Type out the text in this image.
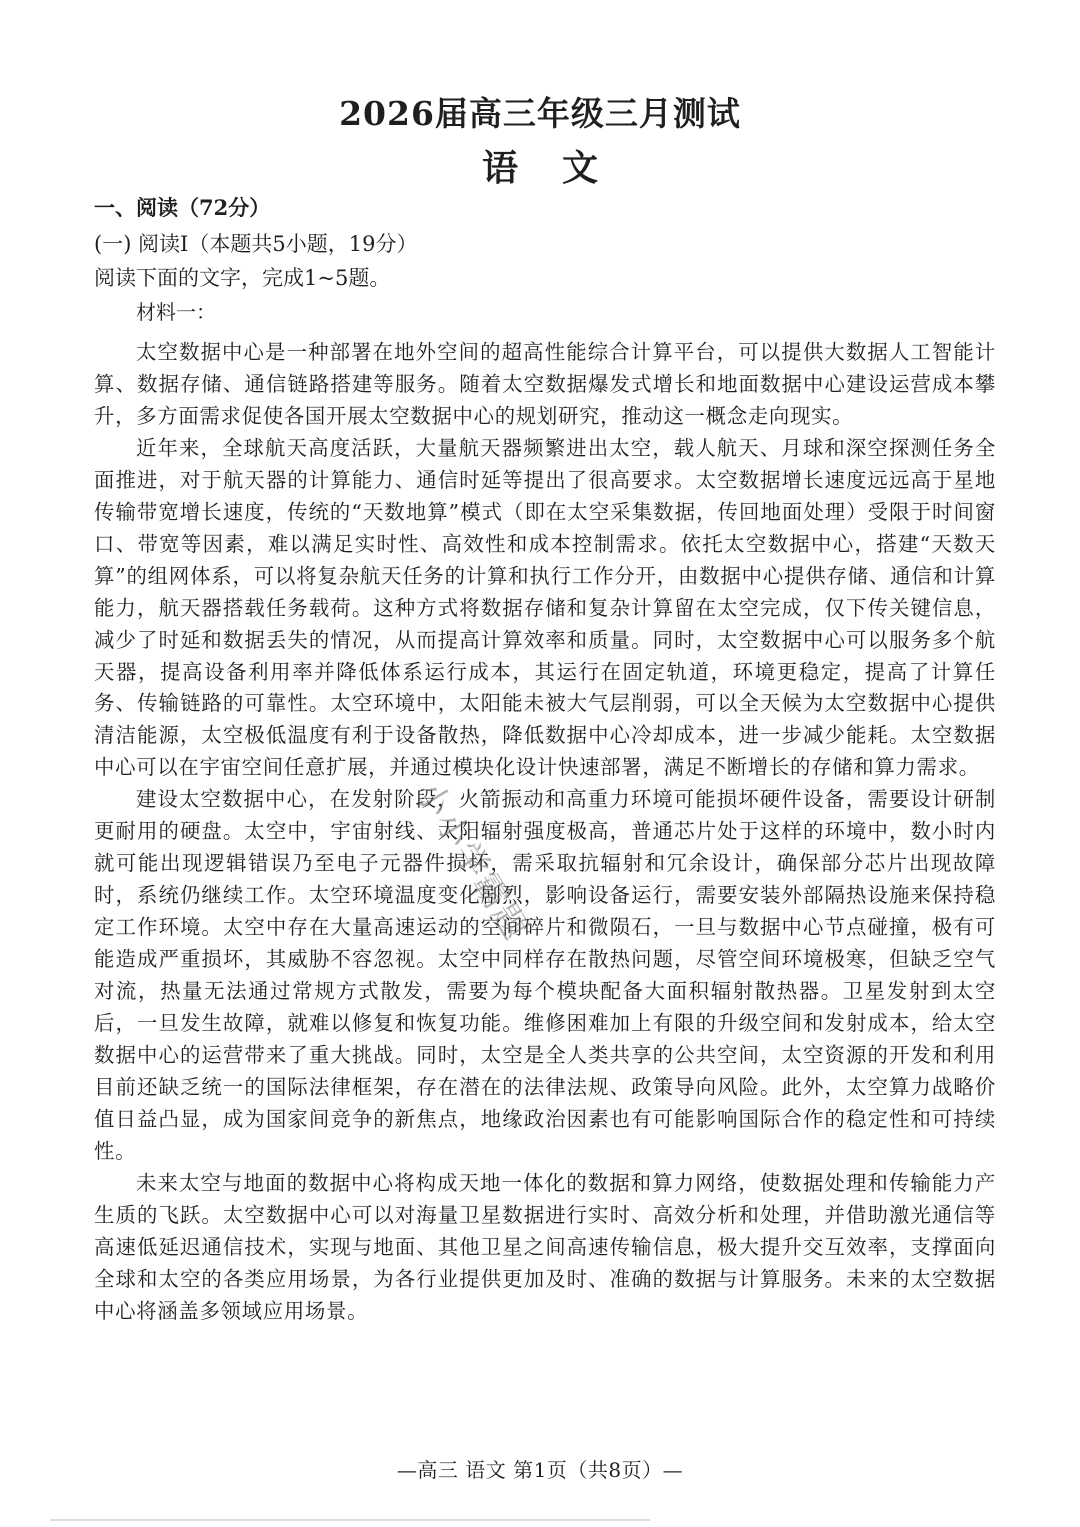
2026届高三年级三月测试
语文
一、阅读（72分）
(一) 阅读Ⅰ（本题共5小题，19分）
阅读下面的文字，完成1~5题。
材料一：

太空数据中心是一种部署在地外空间的超高性能综合计算平台，可以提供大数据人工智能计算、数据存储、通信链路搭建等服务。随着太空数据爆发式增长和地面数据中心建设运营成本攀升，多方面需求促使各国开展太空数据中心的规划研究，推动这一概念走向现实。

近年来，全球航天高度活跃，大量航天器频繁进出太空，载人航天、月球和深空探测任务全面推进，对于航天器的计算能力、通信时延等提出了很高要求。太空数据增长速度远远高于星地传输带宽增长速度，传统的“天数地算”模式（即在太空采集数据，传回地面处理）受限于时间窗口、带宽等因素，难以满足实时性、高效性和成本控制需求。依托太空数据中心，搭建“天数天算”的组网体系，可以将复杂航天任务的计算和执行工作分开，由数据中心提供存储、通信和计算能力，航天器搭载任务载荷。这种方式将数据存储和复杂计算留在太空完成，仅下传关键信息，减少了时延和数据丢失的情况，从而提高计算效率和质量。同时，太空数据中心可以服务多个航天器，提高设备利用率并降低体系运行成本，其运行在固定轨道，环境更稳定，提高了计算任务、传输链路的可靠性。太空环境中，太阳能未被大气层削弱，可以全天候为太空数据中心提供清洁能源，太空极低温度有利于设备散热，降低数据中心冷却成本，进一步减少能耗。太空数据中心可以在宇宙空间任意扩展，并通过模块化设计快速部署，满足不断增长的存储和算力需求。

建设太空数据中心，在发射阶段，火箭振动和高重力环境可能损坏硬件设备，需要设计研制更耐用的硬盘。太空中，宇宙射线、太阳辐射强度极高，普通芯片处于这样的环境中，数小时内就可能出现逻辑错误乃至电子元器件损坏，需采取抗辐射和冗余设计，确保部分芯片出现故障时，系统仍继续工作。太空环境温度变化剧烈，影响设备运行，需要安装外部隔热设施来保持稳定工作环境。太空中存在大量高速运动的空间碎片和微陨石，一旦与数据中心节点碰撞，极有可能造成严重损坏，其威胁不容忽视。太空中同样存在散热问题，尽管空间环境极寒，但缺乏空气对流，热量无法通过常规方式散发，需要为每个模块配备大面积辐射散热器。卫星发射到太空后，一旦发生故障，就难以修复和恢复功能。维修困难加上有限的升级空间和发射成本，给太空数据中心的运营带来了重大挑战。同时，太空是全人类共享的公共空间，太空资源的开发和利用目前还缺乏统一的国际法律框架，存在潜在的法律法规、政策导向风险。此外，太空算力战略价值日益凸显，成为国家间竞争的新焦点，地缘政治因素也有可能影响国际合作的稳定性和可持续性。

未来太空与地面的数据中心将构成天地一体化的数据和算力网络，使数据处理和传输能力产生质的飞跃。太空数据中心可以对海量卫星数据进行实时、高效分析和处理，并借助激光通信等高速低延迟通信技术，实现与地面、其他卫星之间高速传输信息，极大提升交互效率，支撑面向全球和太空的各类应用场景，为各行业提供更加及时、准确的数据与计算服务。未来的太空数据中心将涵盖多领域应用场景。

小小学霸题
—高三 语文 第1页（共8页）—
